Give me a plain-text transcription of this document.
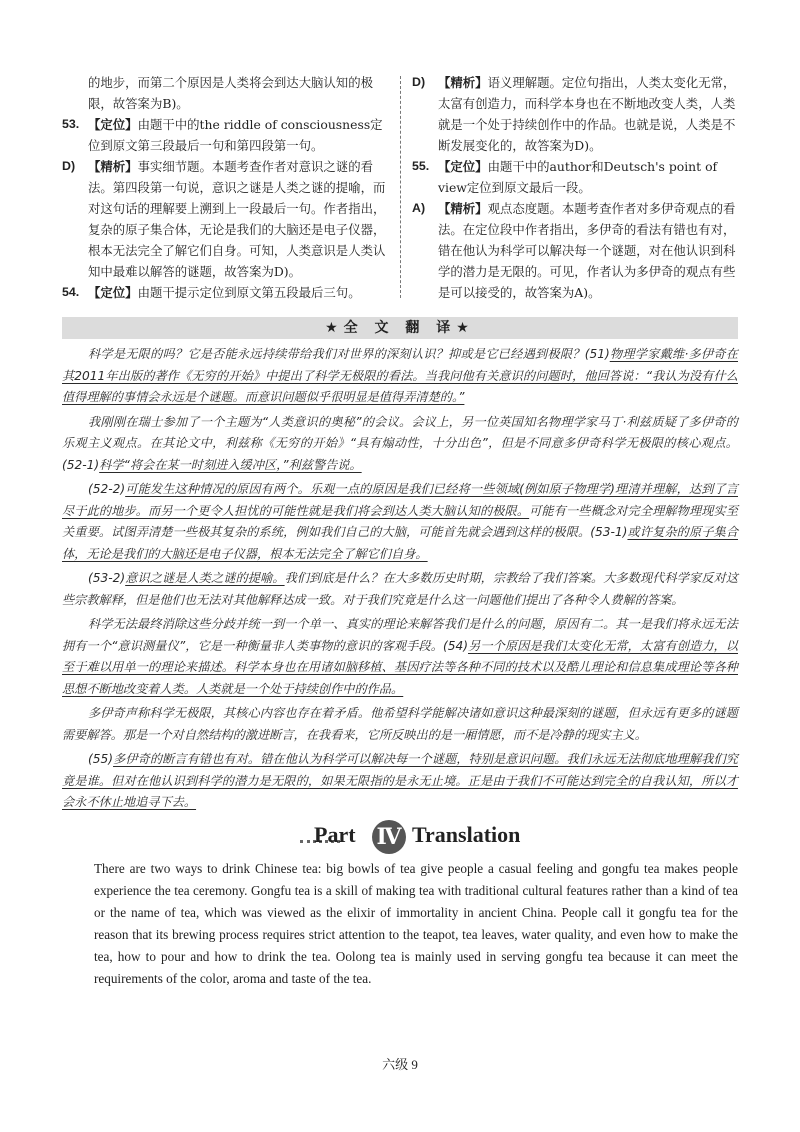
的地步，而第二个原因是人类将会到达大脑认知的极限，故答案为B)。
53. 【定位】由题干中的the riddle of consciousness定位到原文第三段最后一句和第四段第一句。
D) 【精析】事实细节题。本题考查作者对意识之谜的看法。第四段第一句说，意识之谜是人类之谜的提喻，而对这句话的理解要上溯到上一段最后一句。作者指出，复杂的原子集合体，无论是我们的大脑还是电子仪器，根本无法完全了解它们自身。可知，人类意识是人类认知中最难以解答的谜题，故答案为D)。
54. 【定位】由题干提示定位到原文第五段最后三句。
D) 【精析】语义理解题。定位句指出，人类太变化无常，太富有创造力，而科学本身也在不断地改变人类，人类就是一个处于持续创作中的作品。也就是说，人类是不断发展变化的，故答案为D)。
55. 【定位】由题干中的author和Deutsch's point of view定位到原文最后一段。
A) 【精析】观点态度题。本题考查作者对多伊奇观点的看法。在定位段中作者指出，多伊奇的看法有错也有对，错在他认为科学可以解决每一个谜题，对在他认识到科学的潜力是无限的。可见，作者认为多伊奇的观点有些是可以接受的，故答案为A)。
★全 文 翻 译★

科学是无限的吗？它是否能永远持续带给我们对世界的深刻认识？抑或是它已经遇到极限？(51)物理学家戴维·多伊奇在其2011年出版的著作《无穷的开始》中提出了科学无极限的看法。当我问他有关意识的问题时，他回答说：“我认为没有什么值得理解的事情会永远是个谜题。而意识问题似乎很明显是值得弄清楚的。”

我刚刚在瑞士参加了一个主题为“人类意识的奥秘”的会议。会议上，另一位英国知名物理学家马丁·利兹质疑了多伊奇的乐观主义观点。在其论文中，利兹称《无穷的开始》“具有煽动性，十分出色”，但是不同意多伊奇科学无极限的核心观点。(52-1)科学“将会在某一时刻进入缓冲区，”利兹警告说。

(52-2)可能发生这种情况的原因有两个。乐观一点的原因是我们已经将一些领域(例如原子物理学)理清并理解，达到了言尽于此的地步。而另一个更令人担忧的可能性就是我们将会到达人类大脑认知的极限。可能有一些概念对完全理解物理现实至关重要。试图弄清楚一些极其复杂的系统，例如我们自己的大脑，可能首先就会遇到这样的极限。(53-1)或许复杂的原子集合体，无论是我们的大脑还是电子仪器，根本无法完全了解它们自身。

(53-2)意识之谜是人类之谜的提喻。我们到底是什么？在大多数历史时期，宗教给了我们答案。大多数现代科学家反对这些宗教解释，但是他们也无法对其他解释达成一致。对于我们究竟是什么这一问题他们提出了各种令人费解的答案。

科学无法最终消除这些分歧并统一到一个单一、真实的理论来解答我们是什么的问题，原因有二。其一是我们将永远无法拥有一个“意识测量仪”，它是一种衡量非人类事物的意识的客观手段。(54)另一个原因是我们太变化无常，太富有创造力，以至于难以用单一的理论来描述。科学本身也在用诸如脑移植、基因疗法等各种不同的技术以及酷儿理论和信息集成理论等各种思想不断地改变着人类。人类就是一个处于持续创作中的作品。

多伊奇声称科学无极限，其核心内容也存在着矛盾。他希望科学能解决诸如意识这种最深刻的谜题，但永远有更多的谜题需要解答。那是一个对自然结构的激进断言，在我看来，它所反映出的是一厢情愿，而不是冷静的现实主义。

(55)多伊奇的断言有错也有对。错在他认为科学可以解决每一个谜题，特别是意识问题。我们永远无法彻底地理解我们究竟是谁。但对在他认识到科学的潜力是无限的，如果无限指的是永无止境。正是由于我们不可能达到完全的自我认知，所以才会永不休止地追寻下去。

Part Ⅳ Translation

There are two ways to drink Chinese tea: big bowls of tea give people a casual feeling and gongfu tea makes people experience the tea ceremony. Gongfu tea is a skill of making tea with traditional cultural features rather than a kind of tea or the name of tea, which was viewed as the elixir of immortality in ancient China. People call it gongfu tea for the reason that its brewing process requires strict attention to the teapot, tea leaves, water quality, and even how to make the tea, how to pour and how to drink the tea. Oolong tea is mainly used in serving gongfu tea because it can meet the requirements of the color, aroma and taste of the tea.

六级 9
